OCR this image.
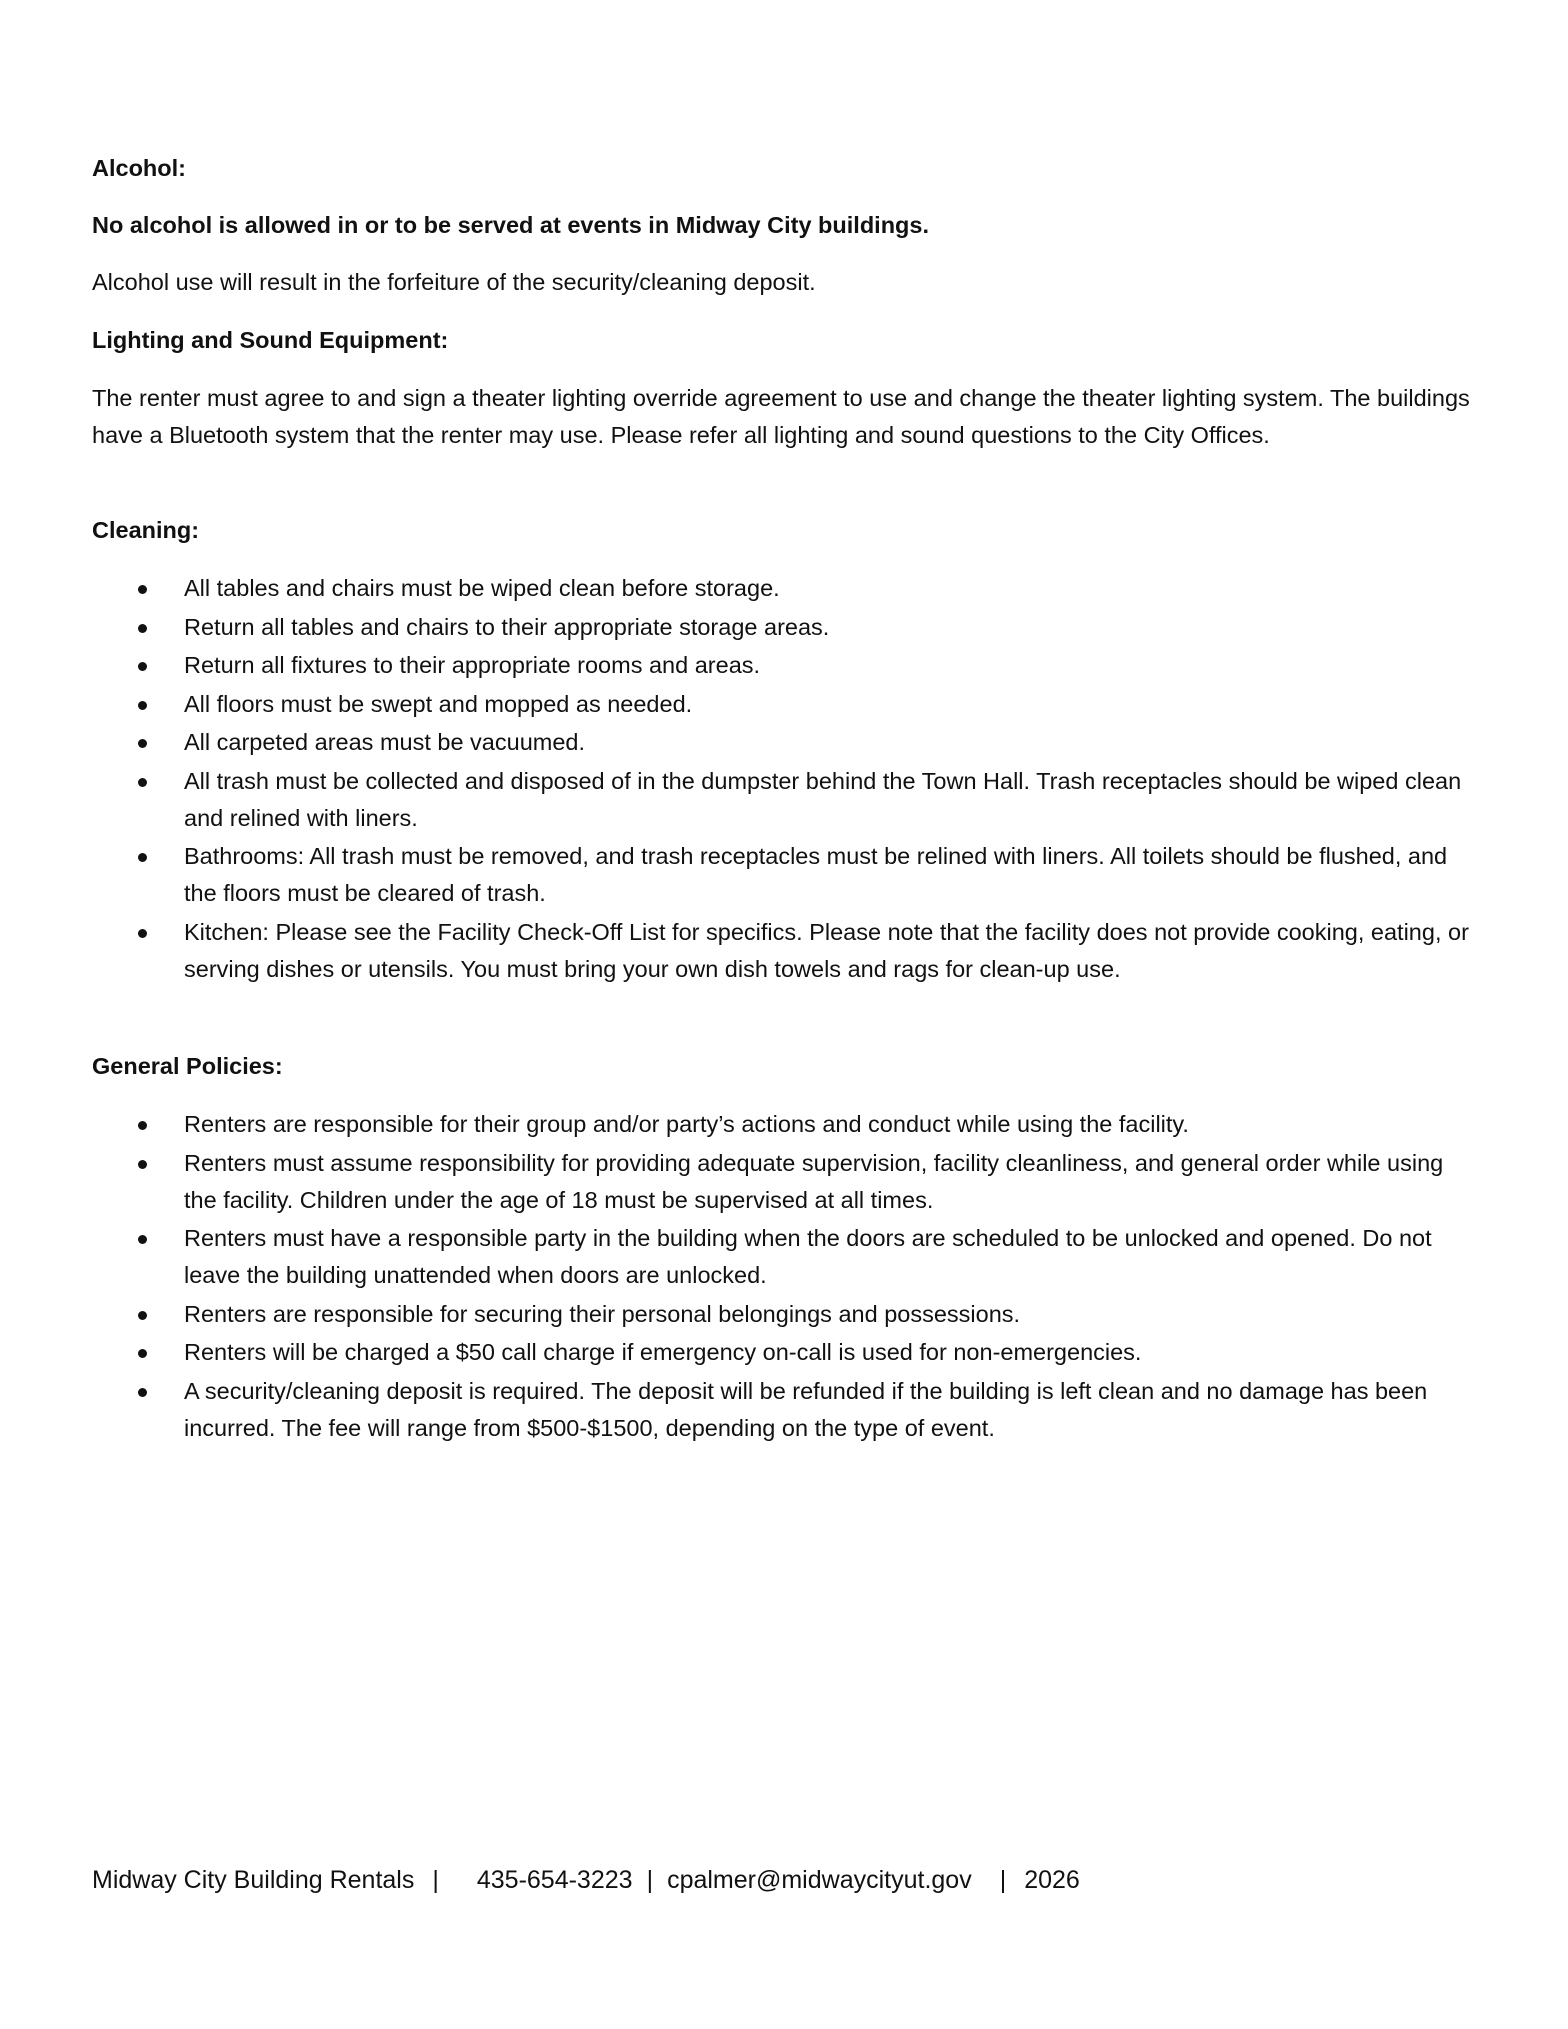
Alcohol:

No alcohol is allowed in or to be served at events in Midway City buildings.

Alcohol use will result in the forfeiture of the security/cleaning deposit.

Lighting and Sound Equipment:

The renter must agree to and sign a theater lighting override agreement to use and change the theater lighting system. The buildings have a Bluetooth system that the renter may use. Please refer all lighting and sound questions to the City Offices.

Cleaning:
All tables and chairs must be wiped clean before storage.
Return all tables and chairs to their appropriate storage areas.
Return all fixtures to their appropriate rooms and areas.
All floors must be swept and mopped as needed.
All carpeted areas must be vacuumed.
All trash must be collected and disposed of in the dumpster behind the Town Hall. Trash receptacles should be wiped clean and relined with liners.
Bathrooms: All trash must be removed, and trash receptacles must be relined with liners. All toilets should be flushed, and the floors must be cleared of trash.
Kitchen: Please see the Facility Check-Off List for specifics. Please note that the facility does not provide cooking, eating, or serving dishes or utensils. You must bring your own dish towels and rags for clean-up use.
General Policies:
Renters are responsible for their group and/or party’s actions and conduct while using the facility.
Renters must assume responsibility for providing adequate supervision, facility cleanliness, and general order while using the facility. Children under the age of 18 must be supervised at all times.
Renters must have a responsible party in the building when the doors are scheduled to be unlocked and opened. Do not leave the building unattended when doors are unlocked.
Renters are responsible for securing their personal belongings and possessions.
Renters will be charged a $50 call charge if emergency on-call is used for non-emergencies.
A security/cleaning deposit is required. The deposit will be refunded if the building is left clean and no damage has been incurred. The fee will range from $500-$1500, depending on the type of event.
Midway City Building Rentals | 435-654-3223 | cpalmer@midwaycityut.gov | 2026
